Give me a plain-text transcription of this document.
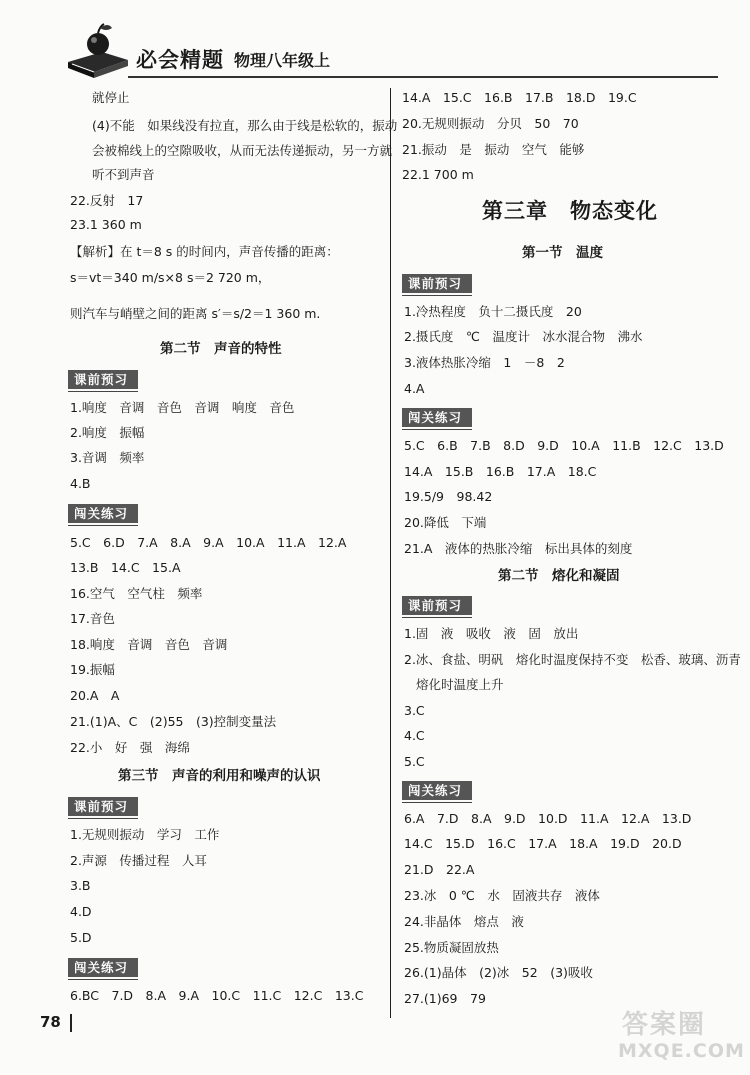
必会精题 物理八年级上
就停止
(4)不能　如果线没有拉直，那么由于线是松软的，振动
会被棉线上的空隙吸收，从而无法传递振动，另一方就
听不到声音
22.反射　17
23.1 360 m
【解析】在 t＝8 s 的时间内，声音传播的距离：
s＝vt＝340 m/s×8 s＝2 720 m，
则汽车与峭壁之间的距离 s′＝s/2＝1 360 m.
第二节　声音的特性
课前预习
1.响度　音调　音色　音调　响度　音色
2.响度　振幅
3.音调　频率
4.B
闯关练习
5.C　6.D　7.A　8.A　9.A　10.A　11.A　12.A
13.B　14.C　15.A
16.空气　空气柱　频率
17.音色
18.响度　音调　音色　音调
19.振幅
20.A　A
21.(1)A、C　(2)55　(3)控制变量法
22.小　好　强　海绵
第三节　声音的利用和噪声的认识
课前预习
1.无规则振动　学习　工作
2.声源　传播过程　人耳
3.B
4.D
5.D
闯关练习
6.BC　7.D　8.A　9.A　10.C　11.C　12.C　13.C
14.A　15.C　16.B　17.B　18.D　19.C
20.无规则振动　分贝　50　70
21.振动　是　振动　空气　能够
22.1 700 m
第三章　物态变化
第一节　温度
课前预习
1.冷热程度　负十二摄氏度　20
2.摄氏度　℃　温度计　冰水混合物　沸水
3.液体热胀冷缩　1　－8　2
4.A
闯关练习
5.C　6.B　7.B　8.D　9.D　10.A　11.B　12.C　13.D
14.A　15.B　16.B　17.A　18.C
19.5/9　98.42
20.降低　下端
21.A　液体的热胀冷缩　标出具体的刻度
第二节　熔化和凝固
课前预习
1.固　液　吸收　液　固　放出
2.冰、食盐、明矾　熔化时温度保持不变　松香、玻璃、沥青
熔化时温度上升
3.C
4.C
5.C
闯关练习
6.A　7.D　8.A　9.D　10.D　11.A　12.A　13.D
14.C　15.D　16.C　17.A　18.A　19.D　20.D
21.D　22.A
23.冰　0 ℃　水　固液共存　液体
24.非晶体　熔点　液
25.物质凝固放热
26.(1)晶体　(2)冰　52　(3)吸收
27.(1)69　79
78	答案圈
MXQE.COM
